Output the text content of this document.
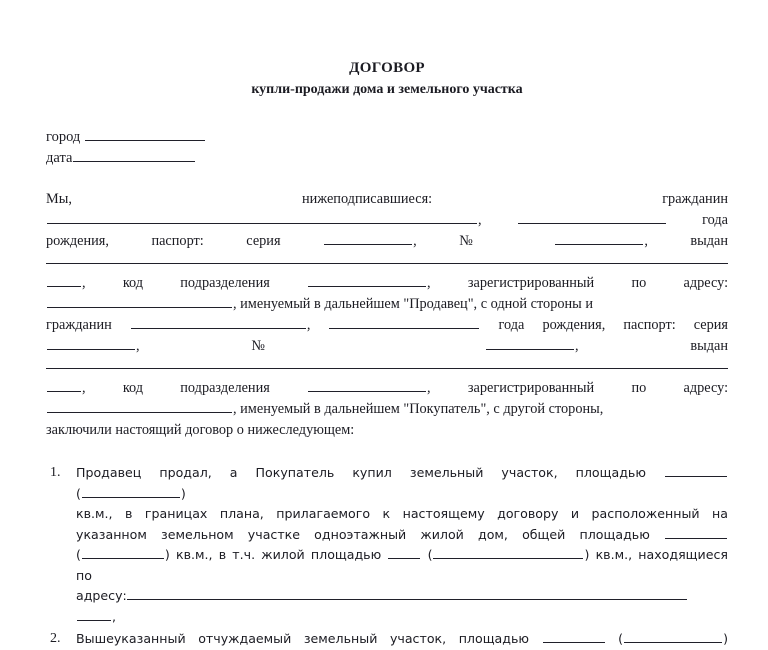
ДОГОВОР
купли-продажи дома и земельного участка
город
дата
Мы,	нижеподписавшиеся:	гражданин
,	года
рождения,	паспорт:	серия	,	№	,	выдан
,	код	подразделения	,	зарегистрированный	по	адресу:
, именуемый в дальнейшем "Продавец", с одной стороны и
гражданин	,	года рождения, паспорт: серия
,	№	,	выдан
,	код	подразделения	,	зарегистрированный	по	адресу:
, именуемый в дальнейшем "Покупатель", с другой стороны,
заключили настоящий договор о нижеследующем:
1.	Продавец продал, а Покупатель купил земельный участок, площадью  (	)
кв.м., в границах плана, прилагаемого к настоящему договору и расположенный на
указанном земельном участке одноэтажный жилой дом, общей площадью
(	) кв.м., в т.ч. жилой площадью	(	) кв.м., находящиеся
по
адресу:
,
2.	Вышеуказанный отчуждаемый земельный участок, площадью	(	)
